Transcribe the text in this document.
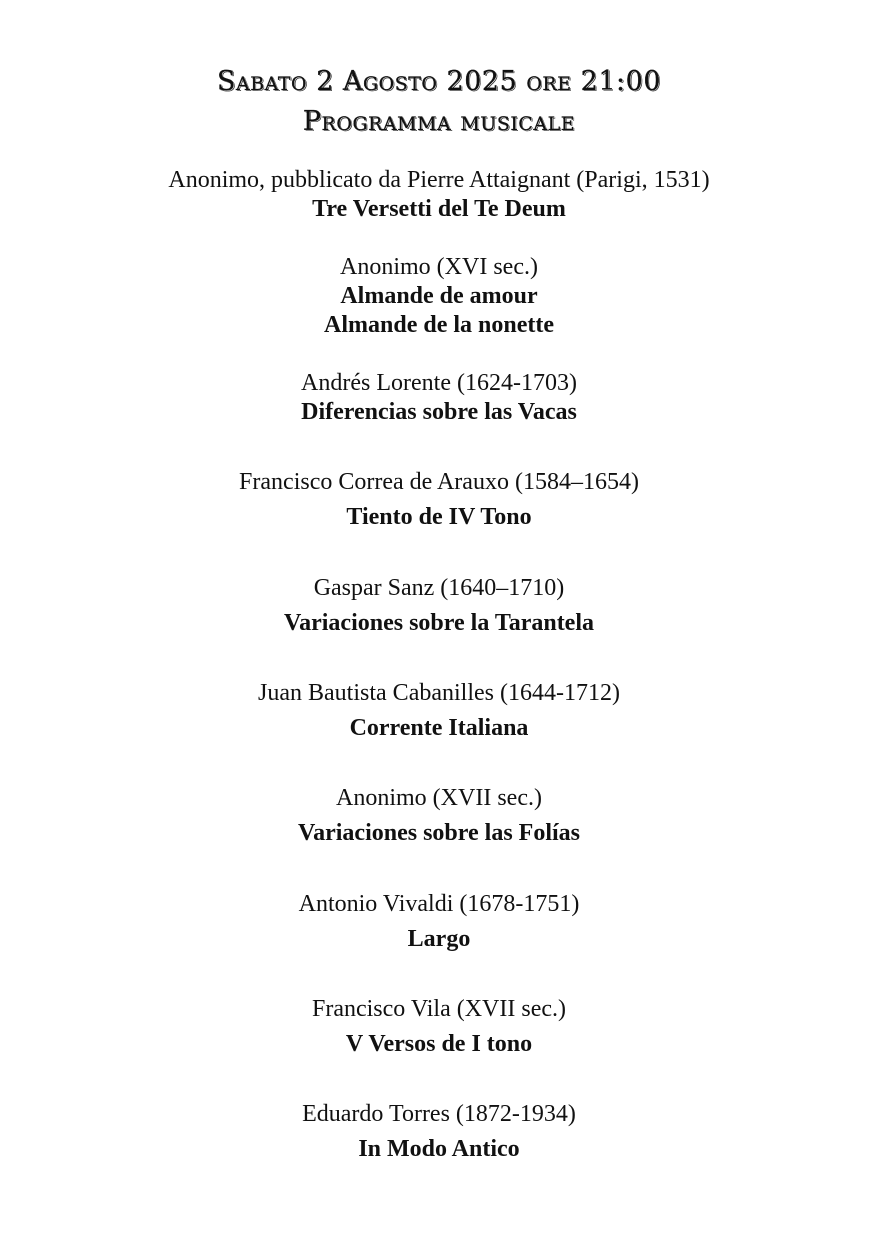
Sabato 2 Agosto 2025 ore 21:00
Programma musicale
Anonimo, pubblicato da Pierre Attaignant (Parigi, 1531)
Tre Versetti del Te Deum
Anonimo (XVI sec.)
Almande de amour
Almande de la nonette
Andrés Lorente (1624-1703)
Diferencias sobre las Vacas
Francisco Correa de Arauxo (1584–1654)
Tiento de IV Tono
Gaspar Sanz (1640–1710)
Variaciones sobre la Tarantela
Juan Bautista Cabanilles (1644-1712)
Corrente Italiana
Anonimo (XVII sec.)
Variaciones sobre las Folías
Antonio Vivaldi (1678-1751)
Largo
Francisco Vila (XVII sec.)
V Versos de I tono
Eduardo Torres (1872-1934)
In Modo Antico
